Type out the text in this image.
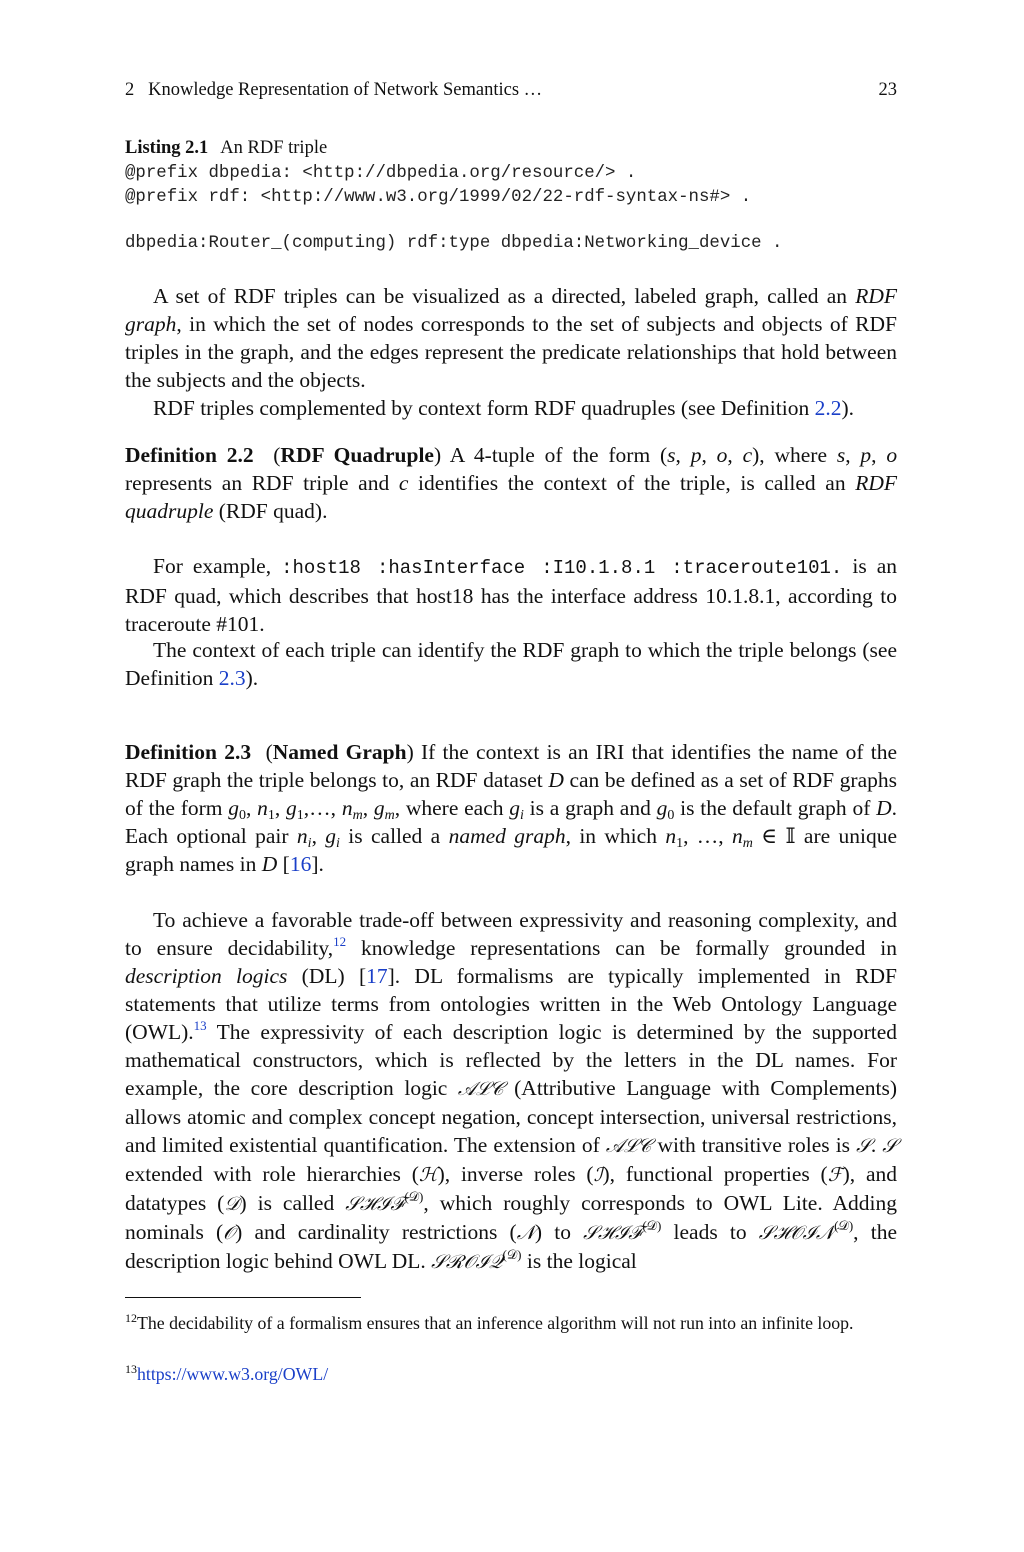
2   Knowledge Representation of Network Semantics …	23
Listing 2.1 An RDF triple
@prefix dbpedia: <http://dbpedia.org/resource/> .
@prefix rdf: <http://www.w3.org/1999/02/22-rdf-syntax-ns#> .
dbpedia:Router_(computing) rdf:type dbpedia:Networking_device .

A set of RDF triples can be visualized as a directed, labeled graph, called an RDF graph, in which the set of nodes corresponds to the set of subjects and objects of RDF triples in the graph, and the edges represent the predicate relationships that hold between the subjects and the objects.

RDF triples complemented by context form RDF quadruples (see Definition 2.2).

Definition 2.2  (RDF Quadruple) A 4-tuple of the form (s, p, o, c), where s, p, o represents an RDF triple and c identifies the context of the triple, is called an RDF quadruple (RDF quad).

For example, :host18 :hasInterface :I10.1.8.1 :traceroute101. is an RDF quad, which describes that host18 has the interface address 10.1.8.1, according to traceroute #101.

The context of each triple can identify the RDF graph to which the triple belongs (see Definition 2.3).

Definition 2.3  (Named Graph) If the context is an IRI that identifies the name of the RDF graph the triple belongs to, an RDF dataset D can be defined as a set of RDF graphs of the form $g_0$, $n_1$, $g_1,\dots$, $n_m$, $g_m$, where each $g_i$ is a graph and $g_0$ is the default graph of D. Each optional pair $n_i$, $g_i$ is called a named graph, in which $n_1$, …, $n_m$ ∈ 𝕀 are unique graph names in D [16].

To achieve a favorable trade-off between expressivity and reasoning complexity, and to ensure decidability,$^{12}$ knowledge representations can be formally grounded in description logics (DL) [17]. DL formalisms are typically implemented in RDF statements that utilize terms from ontologies written in the Web Ontology Language (OWL).$^{13}$ The expressivity of each description logic is determined by the supported mathematical constructors, which is reflected by the letters in the DL names. For example, the core description logic 𝒜ℒ𝒞 (Attributive Language with Complements) allows atomic and complex concept negation, concept intersection, universal restrictions, and limited existential quantification. The extension of 𝒜ℒ𝒞 with transitive roles is 𝒮. 𝒮 extended with role hierarchies (ℋ), inverse roles (ℐ), functional properties (ℱ), and datatypes (𝒟) is called 𝒮ℋℐℱ$^{(𝒟)}$, which roughly corresponds to OWL Lite. Adding nominals (𝒪) and cardinality restrictions (𝒩) to 𝒮ℋℐℱ$^{(𝒟)}$ leads to 𝒮ℋ𝒪ℐ𝒩$^{(𝒟)}$, the description logic behind OWL DL. 𝒮ℛ𝒪ℐ𝒬$^{(𝒟)}$ is the logical

$^{12}$The decidability of a formalism ensures that an inference algorithm will not run into an infinite loop.
$^{13}$https://www.w3.org/OWL/
